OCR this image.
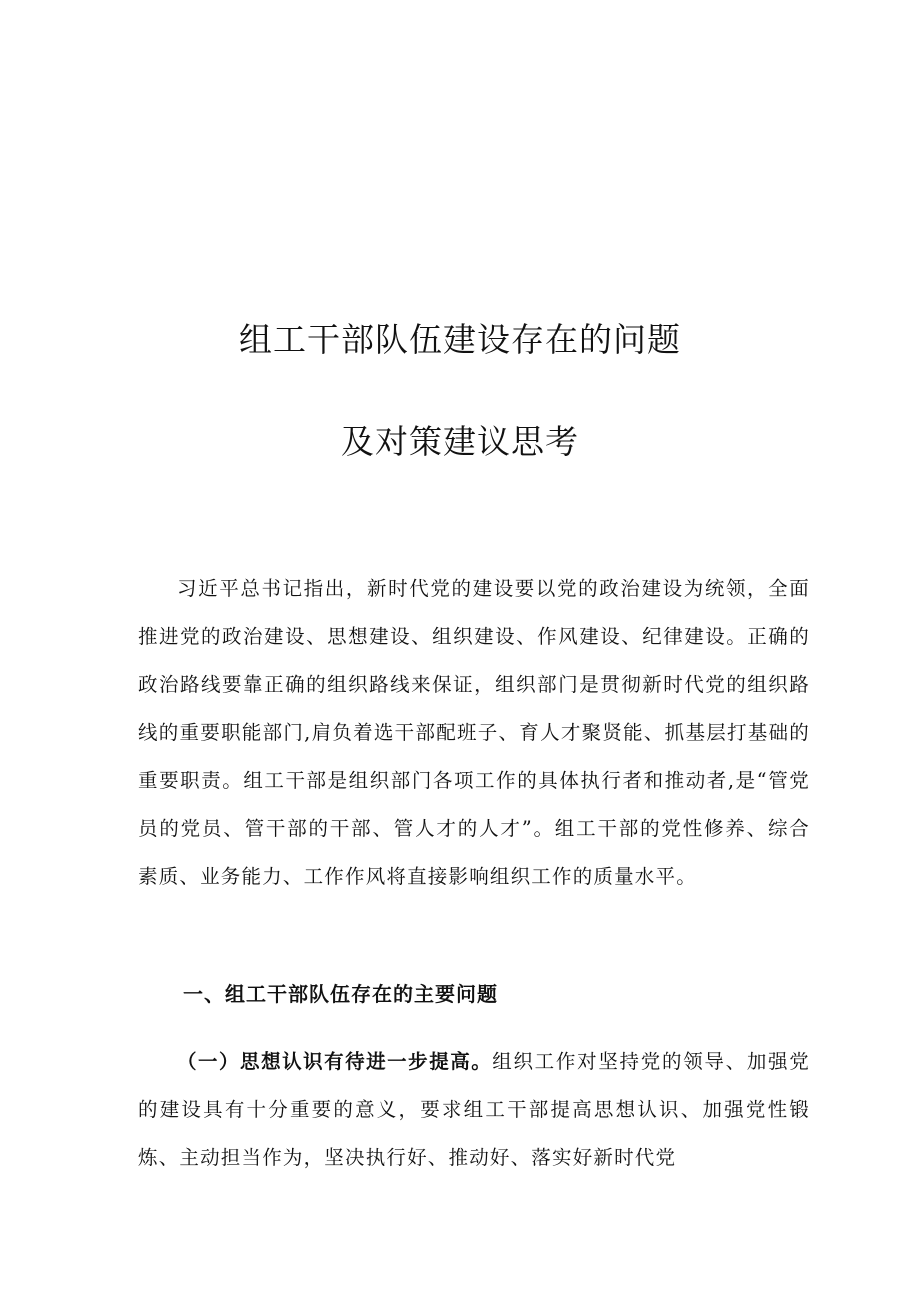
组工干部队伍建设存在的问题
及对策建议思考

习近平总书记指出，新时代党的建设要以党的政治建设为统领，全面推进党的政治建设、思想建设、组织建设、作风建设、纪律建设。正确的政治路线要靠正确的组织路线来保证，组织部门是贯彻新时代党的组织路线的重要职能部门,肩负着选干部配班子、育人才聚贤能、抓基层打基础的重要职责。组工干部是组织部门各项工作的具体执行者和推动者,是“管党员的党员、管干部的干部、管人才的人才”。组工干部的党性修养、综合素质、业务能力、工作作风将直接影响组织工作的质量水平。

一、组工干部队伍存在的主要问题

（一）思想认识有待进一步提高。组织工作对坚持党的领导、加强党的建设具有十分重要的意义，要求组工干部提高思想认识、加强党性锻炼、主动担当作为，坚决执行好、推动好、落实好新时代党
